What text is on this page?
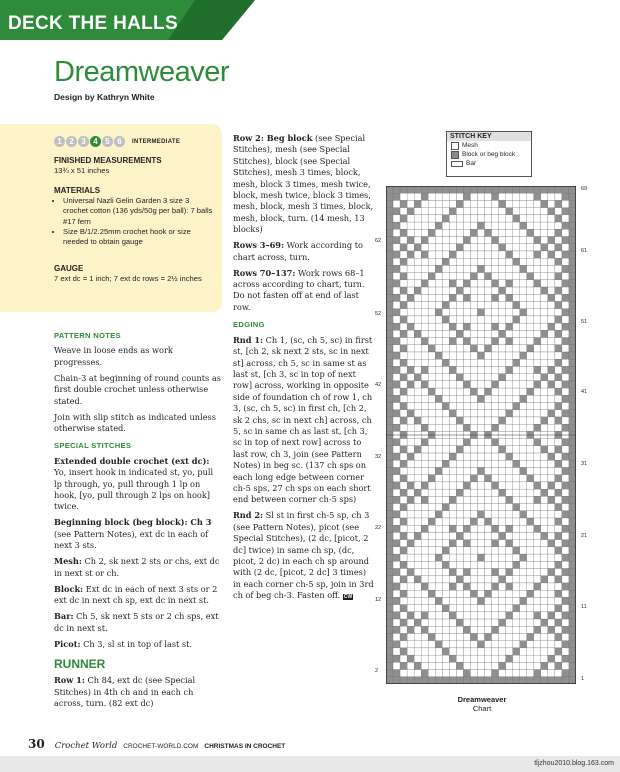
DECK THE HALLS
Dreamweaver
Design by Kathryn White
1 2 3 4 5 6	INTERMEDIATE
FINISHED MEASUREMENTS
13¾ x 51 inches
MATERIALS
• Universal Nazli Gelin Garden 3 size 3 crochet cotton (136 yds/50g per ball): 7 balls #17 fern
• Size B/1/2.25mm crochet hook or size needed to obtain gauge
GAUGE
7 ext dc = 1 inch; 7 ext dc rows = 2½ inches
PATTERN NOTES

Weave in loose ends as work progresses.

Chain-3 at beginning of round counts as first double crochet unless otherwise stated.

Join with slip stitch as indicated unless otherwise stated.

SPECIAL STITCHES

Extended double crochet (ext dc): Yo, insert hook in indicated st, yo, pull lp through, yo, pull through 1 lp on hook, [yo, pull through 2 lps on hook] twice.

Beginning block (beg block): Ch 3 (see Pattern Notes), ext dc in each of next 3 sts.

Mesh: Ch 2, sk next 2 sts or chs, ext dc in next st or ch.

Block: Ext dc in each of next 3 sts or 2 ext dc in next ch sp, ext dc in next st.

Bar: Ch 5, sk next 5 sts or 2 ch sps, ext dc in next st.

Picot: Ch 3, sl st in top of last st.

RUNNER

Row 1: Ch 84, ext dc (see Special Stitches) in 4th ch and in each ch across, turn. (82 ext dc)

Row 2: Beg block (see Special Stitches), mesh (see Special Stitches), block (see Special Stitches), mesh 3 times, block, mesh, block 3 times, mesh twice, block, mesh twice, block 3 times, mesh, block, mesh 3 times, block, mesh, block, turn. (14 mesh, 13 blocks)

Rows 3–69: Work according to chart across, turn.

Rows 70–137: Work rows 68–1 across according to chart, turn. Do not fasten off at end of last row.

EDGING

Rnd 1: Ch 1, (sc, ch 5, sc) in first st, [ch 2, sk next 2 sts, sc in next st] across, ch 5, sc in same st as last st, [ch 3, sc in top of next row] across, working in opposite side of foundation ch of row 1, ch 3, (sc, ch 5, sc) in first ch, [ch 2, sk 2 chs, sc in next ch] across, ch 5, sc in same ch as last st, [ch 3, sc in top of next row] across to last row, ch 3, join (see Pattern Notes) in beg sc. (137 ch sps on each long edge between corner ch-5 sps, 27 ch sps on each short end between corner ch-5 sps)

Rnd 2: Sl st in first ch-5 sp, ch 3 (see Pattern Notes), picot (see Special Stitches), (2 dc, [picot, 2 dc] twice) in same ch sp, (dc, picot, 2 dc) in each ch sp around with (2 dc, [picot, 2 dc] 3 times) in each corner ch-5 sp, join in 3rd ch of beg ch-3. Fasten off. CW

STITCH KEY
Mesh
Block or beg block
Bar
69
61
51
41
31
21
11
1
62
52
42
32
22
12
2
Dreamweaver
Chart
30 Crochet World CROCHET-WORLD.COM CHRISTMAS IN CROCHET
tljzhou2010.blog.163.com
